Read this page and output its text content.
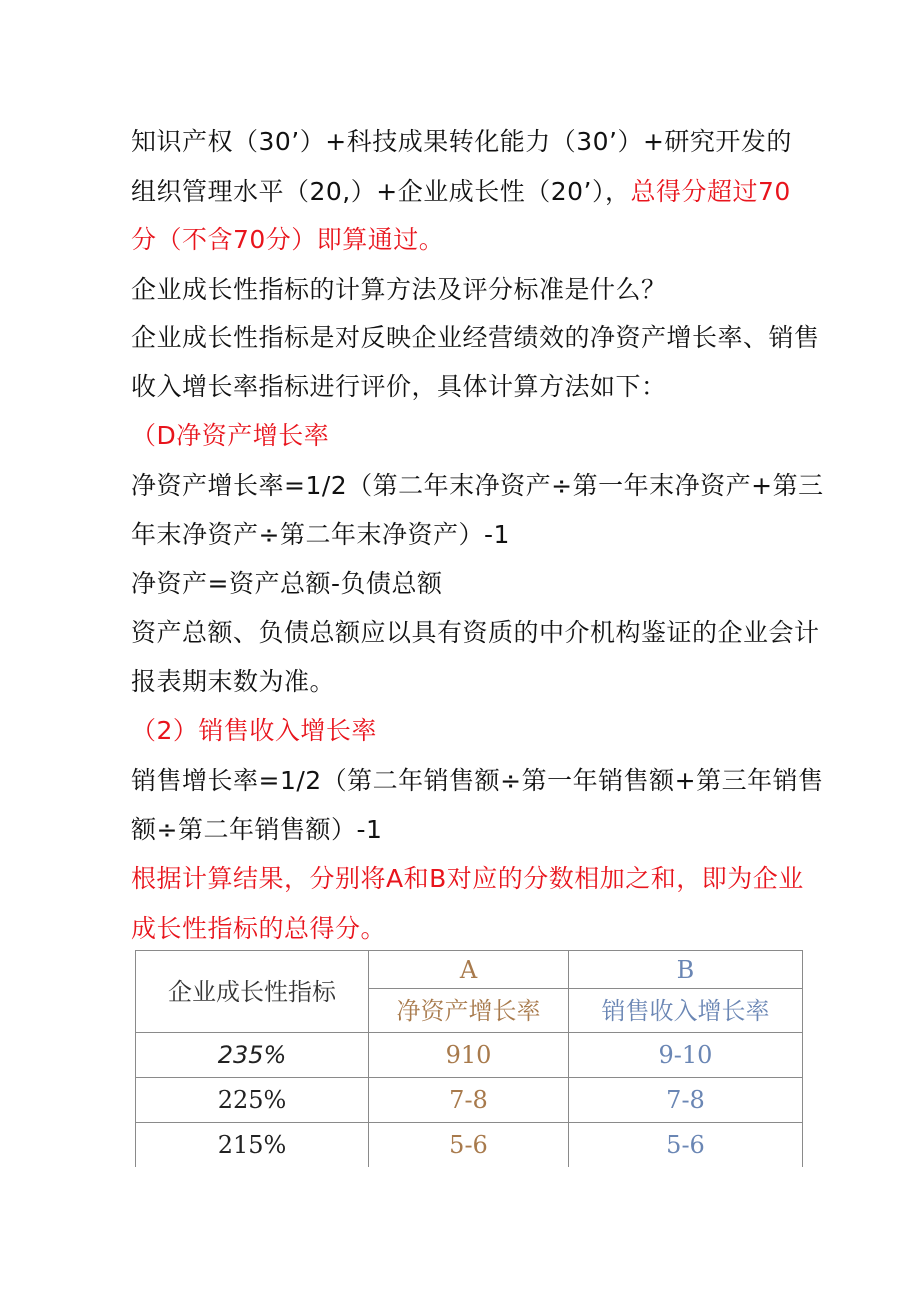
知识产权（30’）+科技成果转化能力（30’）+研究开发的
组织管理水平（20,）+企业成长性（20’），总得分超过70
分（不含70分）即算通过。
企业成长性指标的计算方法及评分标准是什么？
企业成长性指标是对反映企业经营绩效的净资产增长率、销售
收入增长率指标进行评价，具体计算方法如下：
（D净资产增长率
净资产增长率=1/2（第二年末净资产÷第一年末净资产+第三
年末净资产÷第二年末净资产）-1
净资产=资产总额-负债总额
资产总额、负债总额应以具有资质的中介机构鉴证的企业会计
报表期末数为准。
（2）销售收入增长率
销售增长率=1/2（第二年销售额÷第一年销售额+第三年销售
额÷第二年销售额）-1
根据计算结果，分别将A和B对应的分数相加之和，即为企业
成长性指标的总得分。
企业成长性指标	A	B
	净资产增长率	销售收入增长率
235%	910	9-10
225%	7-8	7-8
215%	5-6	5-6
